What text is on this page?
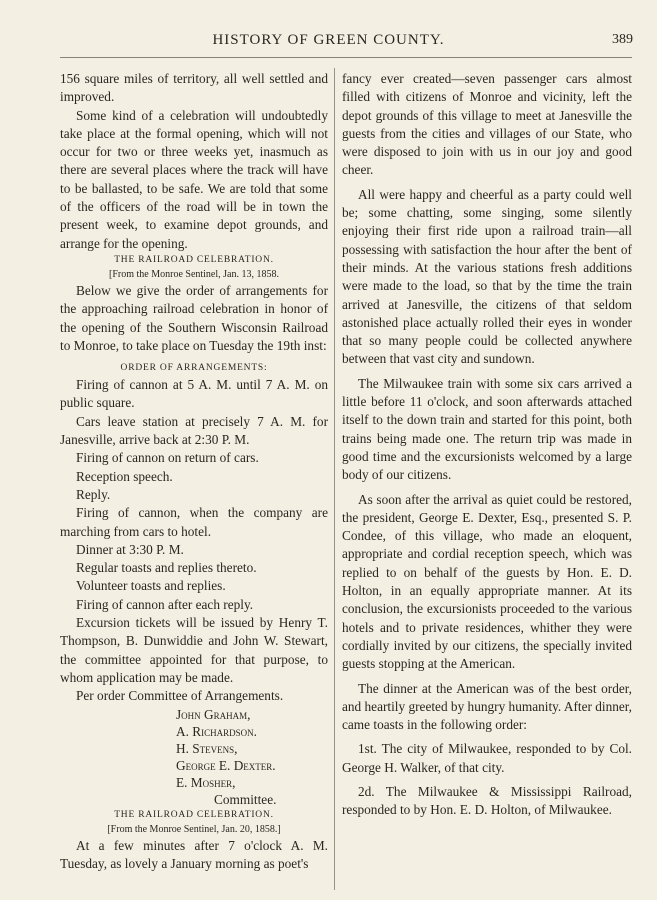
HISTORY OF GREEN COUNTY.	389

156 square miles of territory, all well settled and improved.

Some kind of a celebration will undoubtedly take place at the formal opening, which will not occur for two or three weeks yet, inasmuch as there are several places where the track will have to be ballasted, to be safe. We are told that some of the officers of the road will be in town the present week, to examine depot grounds, and arrange for the opening.

THE RAILROAD CELEBRATION.

[From the Monroe Sentinel, Jan. 13, 1858.

Below we give the order of arrangements for the approaching railroad celebration in honor of the opening of the Southern Wisconsin Railroad to Monroe, to take place on Tuesday the 19th inst:

ORDER OF ARRANGEMENTS:

Firing of cannon at 5 A. M. until 7 A. M. on public square.

Cars leave station at precisely 7 A. M. for Janesville, arrive back at 2:30 P. M.

Firing of cannon on return of cars.

Reception speech.

Reply.

Firing of cannon, when the company are marching from cars to hotel.

Dinner at 3:30 P. M.

Regular toasts and replies thereto.

Volunteer toasts and replies.

Firing of cannon after each reply.

Excursion tickets will be issued by Henry T. Thompson, B. Dunwiddie and John W. Stewart, the committee appointed for that purpose, to whom application may be made.

Per order Committee of Arrangements.

John Graham,

A. Richardson.

H. Stevens,

George E. Dexter.

E. Mosher,

Committee.

THE RAILROAD CELEBRATION.

[From the Monroe Sentinel, Jan. 20, 1858.]

At a few minutes after 7 o'clock A. M. Tuesday, as lovely a January morning as poet's

fancy ever created—seven passenger cars almost filled with citizens of Monroe and vicinity, left the depot grounds of this village to meet at Janesville the guests from the cities and villages of our State, who were disposed to join with us in our joy and good cheer.

All were happy and cheerful as a party could well be; some chatting, some singing, some silently enjoying their first ride upon a railroad train—all possessing with satisfaction the hour after the bent of their minds. At the various stations fresh additions were made to the load, so that by the time the train arrived at Janesville, the citizens of that seldom astonished place actually rolled their eyes in wonder that so many people could be collected anywhere between that vast city and sundown.

The Milwaukee train with some six cars arrived a little before 11 o'clock, and soon afterwards attached itself to the down train and started for this point, both trains being made one. The return trip was made in good time and the excursionists welcomed by a large body of our citizens.

As soon after the arrival as quiet could be restored, the president, George E. Dexter, Esq., presented S. P. Condee, of this village, who made an eloquent, appropriate and cordial reception speech, which was replied to on behalf of the guests by Hon. E. D. Holton, in an equally appropriate manner. At its conclusion, the excursionists proceeded to the various hotels and to private residences, whither they were cordially invited by our citizens, the specially invited guests stopping at the American.

The dinner at the American was of the best order, and heartily greeted by hungry humanity. After dinner, came toasts in the following order:

1st. The city of Milwaukee, responded to by Col. George H. Walker, of that city.

2d. The Milwaukee & Mississippi Railroad, responded to by Hon. E. D. Holton, of Milwaukee.
